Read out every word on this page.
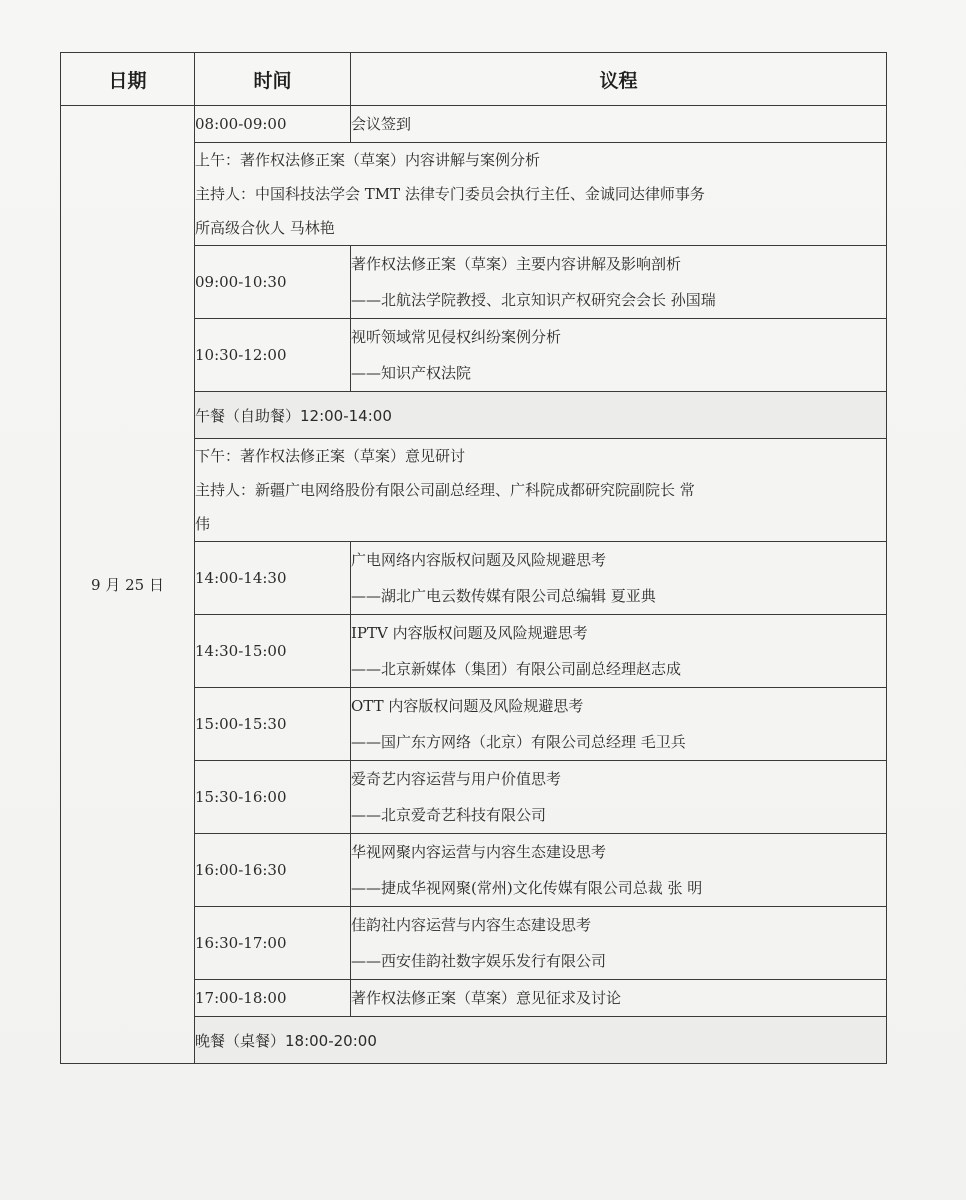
日期	时间	议程
9 月 25 日	08:00-09:00	会议签到

	上午：著作权法修正案（草案）内容讲解与案例分析
主持人：中国科技法学会 TMT 法律专门委员会执行主任、金诚同达律师事务
所高级合伙人 马林艳	

	09:00-10:30	著作权法修正案（草案）主要内容讲解及影响剖析
——北航法学院教授、北京知识产权研究会会长 孙国瑞

	10:30-12:00	视听领域常见侵权纠纷案例分析
——知识产权法院

	午餐（自助餐）12:00-14:00	

	下午：著作权法修正案（草案）意见研讨
主持人：新疆广电网络股份有限公司副总经理、广科院成都研究院副院长 常
伟	

	14:00-14:30	广电网络内容版权问题及风险规避思考
——湖北广电云数传媒有限公司总编辑 夏亚典

	14:30-15:00	IPTV 内容版权问题及风险规避思考
——北京新媒体（集团）有限公司副总经理赵志成

	15:00-15:30	OTT 内容版权问题及风险规避思考
——国广东方网络（北京）有限公司总经理 毛卫兵

	15:30-16:00	爱奇艺内容运营与用户价值思考
——北京爱奇艺科技有限公司

	16:00-16:30	华视网聚内容运营与内容生态建设思考
——捷成华视网聚(常州)文化传媒有限公司总裁 张 明

	16:30-17:00	佳韵社内容运营与内容生态建设思考
——西安佳韵社数字娱乐发行有限公司

	17:00-18:00	著作权法修正案（草案）意见征求及讨论

	晚餐（桌餐）18:00-20:00	
